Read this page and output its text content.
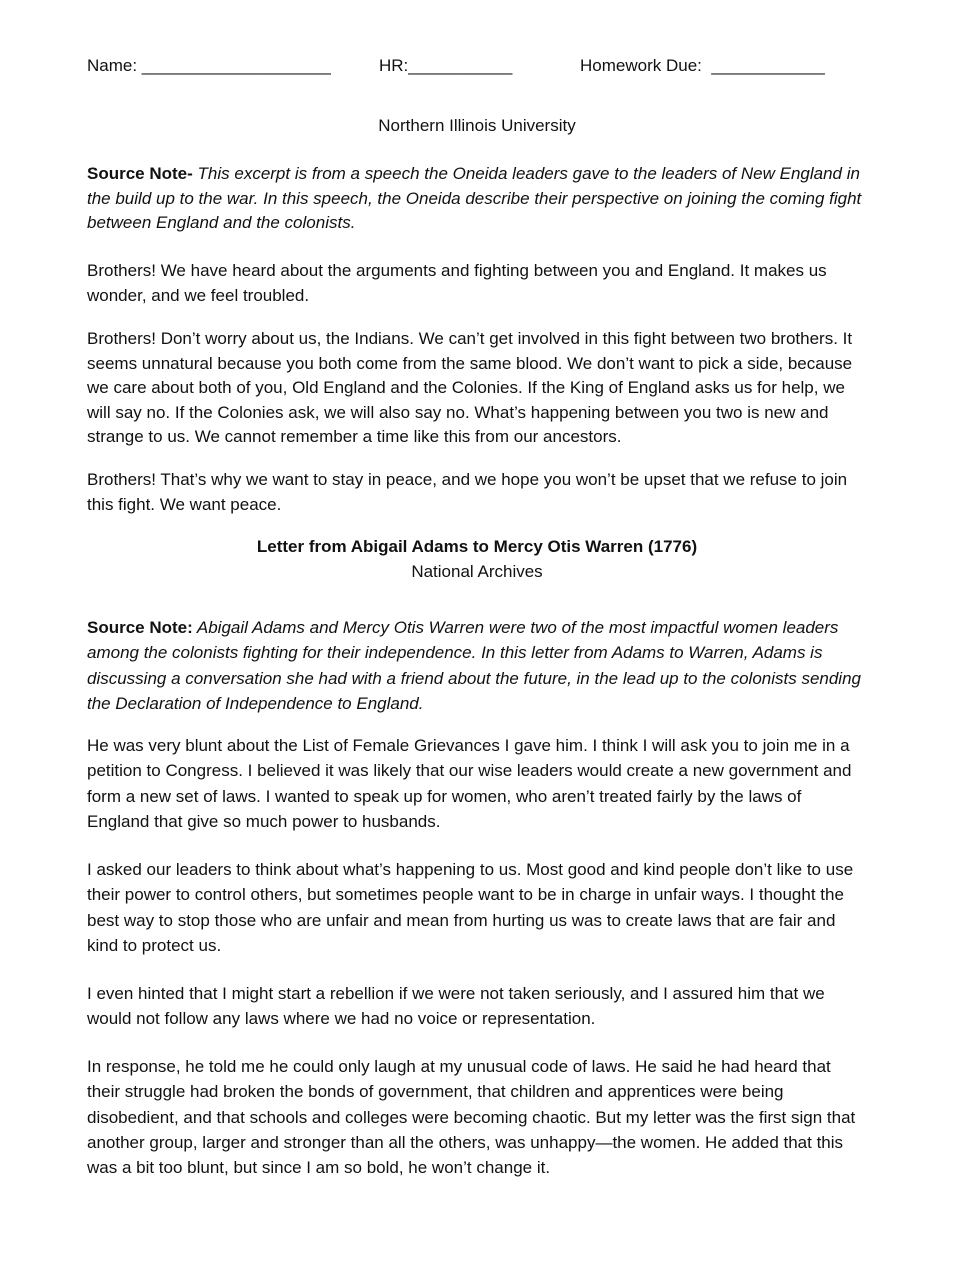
Name: ____________________	HR:___________	Homework Due:  ____________
Northern Illinois University

Source Note- This excerpt is from a speech the Oneida leaders gave to the leaders of New England in the build up to the war. In this speech, the Oneida describe their perspective on joining the coming fight between England and the colonists.

Brothers! We have heard about the arguments and fighting between you and England. It makes us wonder, and we feel troubled.

Brothers! Don’t worry about us, the Indians. We can’t get involved in this fight between two brothers. It seems unnatural because you both come from the same blood. We don’t want to pick a side, because we care about both of you, Old England and the Colonies. If the King of England asks us for help, we will say no. If the Colonies ask, we will also say no. What’s happening between you two is new and strange to us. We cannot remember a time like this from our ancestors.

Brothers! That’s why we want to stay in peace, and we hope you won’t be upset that we refuse to join this fight. We want peace.

Letter from Abigail Adams to Mercy Otis Warren (1776)
National Archives

Source Note: Abigail Adams and Mercy Otis Warren were two of the most impactful women leaders among the colonists fighting for their independence. In this letter from Adams to Warren, Adams is discussing a conversation she had with a friend about the future, in the lead up to the colonists sending the Declaration of Independence to England.

He was very blunt about the List of Female Grievances I gave him. I think I will ask you to join me in a petition to Congress. I believed it was likely that our wise leaders would create a new government and form a new set of laws. I wanted to speak up for women, who aren’t treated fairly by the laws of England that give so much power to husbands.

I asked our leaders to think about what’s happening to us. Most good and kind people don’t like to use their power to control others, but sometimes people want to be in charge in unfair ways. I thought the best way to stop those who are unfair and mean from hurting us was to create laws that are fair and kind to protect us.

I even hinted that I might start a rebellion if we were not taken seriously, and I assured him that we would not follow any laws where we had no voice or representation.

In response, he told me he could only laugh at my unusual code of laws. He said he had heard that their struggle had broken the bonds of government, that children and apprentices were being disobedient, and that schools and colleges were becoming chaotic. But my letter was the first sign that another group, larger and stronger than all the others, was unhappy—the women. He added that this was a bit too blunt, but since I am so bold, he won’t change it.
